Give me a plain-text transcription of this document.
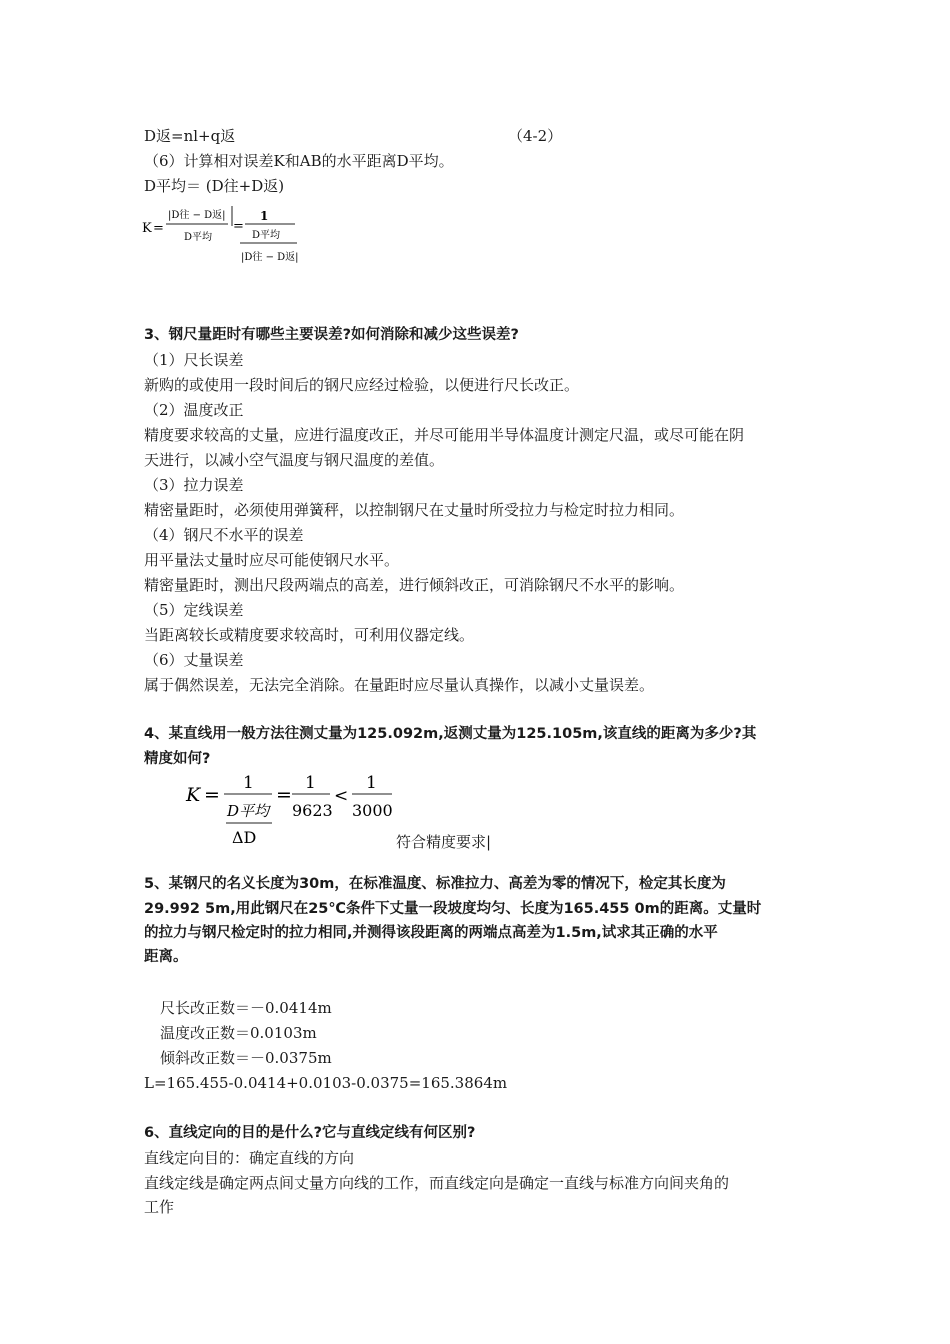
D返=nl+q返	（4-2）
（6）计算相对误差K和AB的水平距离D平均。
D平均＝ (D往+D返)
K =
|D往 − D返|
D平均
=
1
D平均
|D往 − D返|
3、钢尺量距时有哪些主要误差?如何消除和减少这些误差?
（1）尺长误差
新购的或使用一段时间后的钢尺应经过检验，以便进行尺长改正。
（2）温度改正
精度要求较高的丈量，应进行温度改正，并尽可能用半导体温度计测定尺温，或尽可能在阴
天进行，以减小空气温度与钢尺温度的差值。
（3）拉力误差
精密量距时，必须使用弹簧秤，以控制钢尺在丈量时所受拉力与检定时拉力相同。
（4）钢尺不水平的误差
用平量法丈量时应尽可能使钢尺水平。
精密量距时，测出尺段两端点的高差，进行倾斜改正，可消除钢尺不水平的影响。
（5）定线误差
当距离较长或精度要求较高时，可利用仪器定线。
（6）丈量误差
属于偶然误差，无法完全消除。在量距时应尽量认真操作，以减小丈量误差。
4、某直线用一般方法往测丈量为125.092m,返测丈量为125.105m,该直线的距离为多少?其
精度如何?
K =
1
D平均
ΔD
=
1
9623
<
1
3000
符合精度要求|
5、某钢尺的名义长度为30m，在标准温度、标准拉力、高差为零的情况下，检定其长度为
29.992 5m,用此钢尺在25℃条件下丈量一段坡度均匀、长度为165.455 0m的距离。丈量时
的拉力与钢尺检定时的拉力相同,并测得该段距离的两端点高差为1.5m,试求其正确的水平
距离。
尺长改正数＝－0.0414m
温度改正数＝0.0103m
倾斜改正数＝－0.0375m
L=165.455-0.0414+0.0103-0.0375=165.3864m
6、直线定向的目的是什么?它与直线定线有何区别?
直线定向目的：确定直线的方向
直线定线是确定两点间丈量方向线的工作，而直线定向是确定一直线与标准方向间夹角的
工作
